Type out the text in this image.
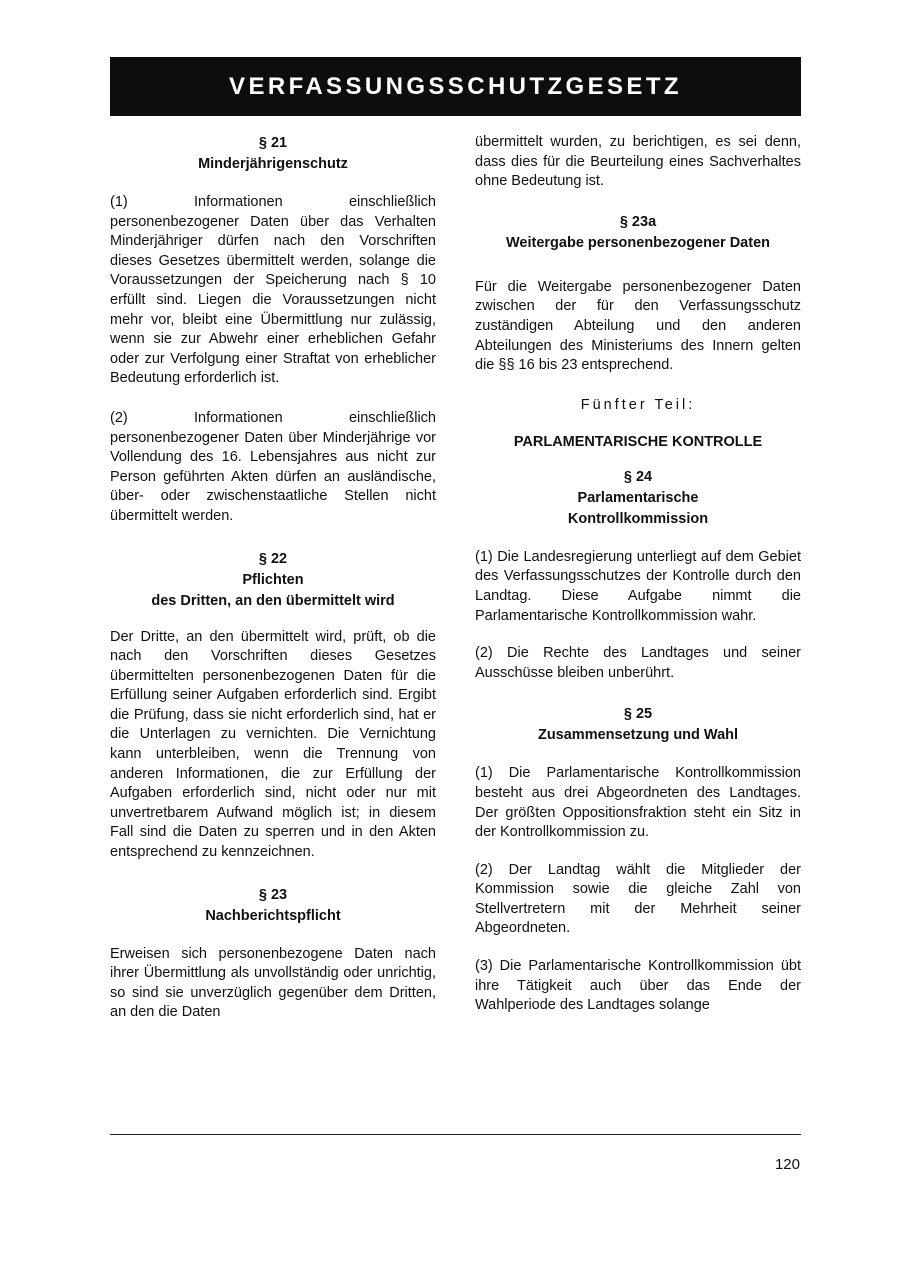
VERFASSUNGSSCHUTZGESETZ

§ 21

Minderjährigenschutz

(1) Informationen einschließlich personenbezogener Daten über das Verhalten Minderjähriger dürfen nach den Vorschriften dieses Gesetzes übermittelt werden, solange die Voraussetzungen der Speicherung nach § 10 erfüllt sind. Liegen die Voraussetzungen nicht mehr vor, bleibt eine Übermittlung nur zulässig, wenn sie zur Abwehr einer erheblichen Gefahr oder zur Verfolgung einer Straftat von erheblicher Bedeutung erforderlich ist.

(2) Informationen einschließlich personenbezogener Daten über Minderjährige vor Vollendung des 16. Lebensjahres aus nicht zur Person geführten Akten dürfen an ausländische, über- oder zwischenstaatliche Stellen nicht übermittelt werden.

§ 22

Pflichten

des Dritten, an den übermittelt wird

Der Dritte, an den übermittelt wird, prüft, ob die nach den Vorschriften dieses Gesetzes übermittelten personenbezogenen Daten für die Erfüllung seiner Aufgaben erforderlich sind. Ergibt die Prüfung, dass sie nicht erforderlich sind, hat er die Unterlagen zu vernichten. Die Vernichtung kann unterbleiben, wenn die Trennung von anderen Informationen, die zur Erfüllung der Aufgaben erforderlich sind, nicht oder nur mit unvertretbarem Aufwand möglich ist; in diesem Fall sind die Daten zu sperren und in den Akten entsprechend zu kennzeichnen.

§ 23

Nachberichtspflicht

Erweisen sich personenbezogene Daten nach ihrer Übermittlung als unvollständig oder unrichtig, so sind sie unverzüglich gegenüber dem Dritten, an den die Daten

übermittelt wurden, zu berichtigen, es sei denn, dass dies für die Beurteilung eines Sachverhaltes ohne Bedeutung ist.

§ 23a

Weitergabe personenbezogener Daten

Für die Weitergabe personenbezogener Daten zwischen der für den Verfassungsschutz zuständigen Abteilung und den anderen Abteilungen des Ministeriums des Innern gelten die §§ 16 bis 23 entsprechend.

Fünfter Teil:

PARLAMENTARISCHE KONTROLLE

§ 24

Parlamentarische

Kontrollkommission

(1) Die Landesregierung unterliegt auf dem Gebiet des Verfassungsschutzes der Kontrolle durch den Landtag. Diese Aufgabe nimmt die Parlamentarische Kontrollkommission wahr.

(2) Die Rechte des Landtages und seiner Ausschüsse bleiben unberührt.

§ 25

Zusammensetzung und Wahl

(1) Die Parlamentarische Kontrollkommission besteht aus drei Abgeordneten des Landtages. Der größten Oppositionsfraktion steht ein Sitz in der Kontrollkommission zu.

(2) Der Landtag wählt die Mitglieder der Kommission sowie die gleiche Zahl von Stellvertretern mit der Mehrheit seiner Abgeordneten.

(3) Die Parlamentarische Kontrollkommission übt ihre Tätigkeit auch über das Ende der Wahlperiode des Landtages solange

120
